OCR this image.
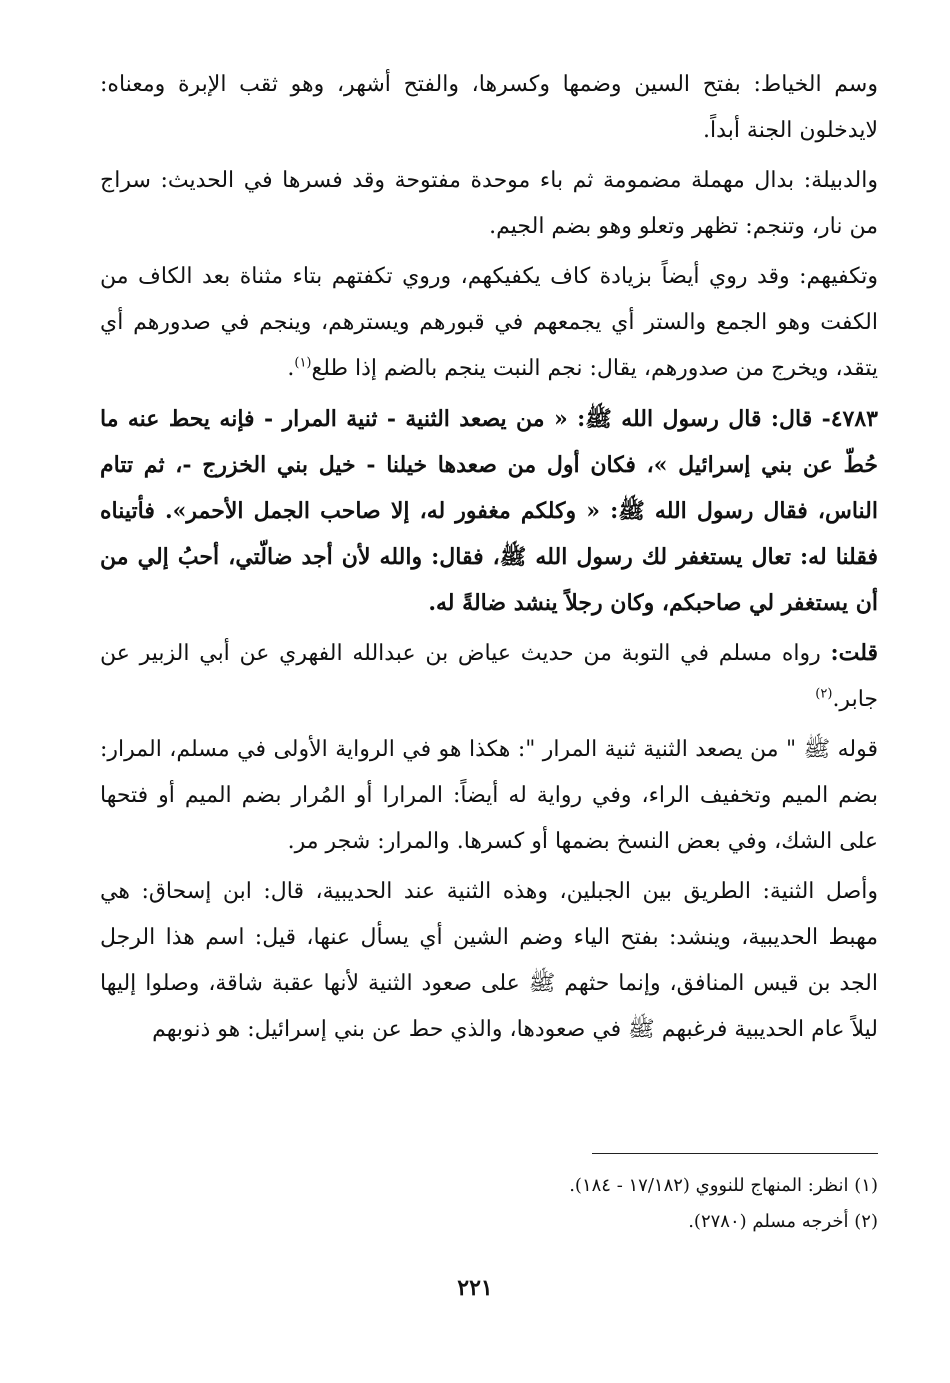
وسم الخياط: بفتح السين وضمها وكسرها، والفتح أشهر، وهو ثقب الإبرة ومعناه: لايدخلون الجنة أبداً.

والدبيلة: بدال مهملة مضمومة ثم باء موحدة مفتوحة وقد فسرها في الحديث: سراج من نار، وتنجم: تظهر وتعلو وهو بضم الجيم.

وتكفيهم: وقد روي أيضاً بزيادة كاف يكفيكهم، وروي تكفتهم بتاء مثناة بعد الكاف من الكفت وهو الجمع والستر أي يجمعهم في قبورهم ويسترهم، وينجم في صدورهم أي يتقد، ويخرج من صدورهم، يقال: نجم النبت ينجم بالضم إذا طلع$^{(١)}$.

٤٧٨٣- قال: قال رسول الله ﷺ: « من يصعد الثنية - ثنية المرار - فإنه يحط عنه ما حُطّ عن بني إسرائيل »، فكان أول من صعدها خيلنا - خيل بني الخزرج -، ثم تتام الناس، فقال رسول الله ﷺ: « وكلكم مغفور له، إلا صاحب الجمل الأحمر». فأتيناه فقلنا له: تعال يستغفر لك رسول الله ﷺ، فقال: والله لأن أجد ضالّتي، أحبُ إلي من أن يستغفر لي صاحبكم، وكان رجلاً ينشد ضالةً له.

قلت: رواه مسلم في التوبة من حديث عياض بن عبدالله الفهري عن أبي الزبير عن جابر.$^{(٢)}$

قوله ﷺ " من يصعد الثنية ثنية المرار ": هكذا هو في الرواية الأولى في مسلم، المرار: بضم الميم وتخفيف الراء، وفي رواية له أيضاً: المرارا أو المُرار بضم الميم أو فتحها على الشك، وفي بعض النسخ بضمها أو كسرها. والمرار: شجر مر.

وأصل الثنية: الطريق بين الجبلين، وهذه الثنية عند الحديبية، قال: ابن إسحاق: هي مهبط الحديبية، وينشد: بفتح الياء وضم الشين أي يسأل عنها، قيل: اسم هذا الرجل الجد بن قيس المنافق، وإنما حثهم ﷺ على صعود الثنية لأنها عقبة شاقة، وصلوا إليها ليلاً عام الحديبية فرغبهم ﷺ في صعودها، والذي حط عن بني إسرائيل: هو ذنوبهم

(١) انظر: المنهاج للنووي (١٧/١٨٢ - ١٨٤).

(٢) أخرجه مسلم (٢٧٨٠).

٢٢١
